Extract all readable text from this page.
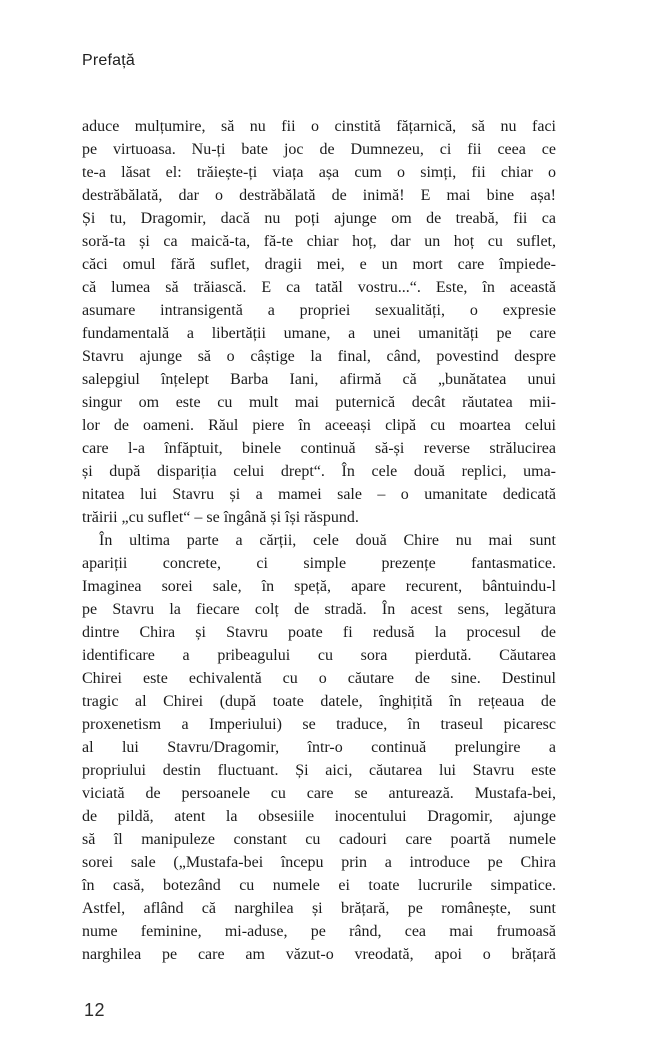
Prefață
aduce mulțumire, să nu fii o cinstită fățarnică, să nu faci
pe virtuoasa. Nu-ți bate joc de Dumnezeu, ci fii ceea ce
te-a lăsat el: trăiește-ți viața așa cum o simți, fii chiar o
destrăbălată, dar o destrăbălată de inimă! E mai bine așa!
Și tu, Dragomir, dacă nu poți ajunge om de treabă, fii ca
soră-ta și ca maică-ta, fă-te chiar hoț, dar un hoț cu suflet,
căci omul fără suflet, dragii mei, e un mort care împiede-
că lumea să trăiască. E ca tatăl vostru...“. Este, în această
asumare intransigentă a propriei sexualități, o expresie
fundamentală a libertății umane, a unei umanități pe care
Stavru ajunge să o câștige la final, când, povestind despre
salepgiul înțelept Barba Iani, afirmă că „bunătatea unui
singur om este cu mult mai puternică decât răutatea mii-
lor de oameni. Răul piere în aceeași clipă cu moartea celui
care l-a înfăptuit, binele continuă să-și reverse strălucirea
și după dispariția celui drept“. În cele două replici, uma-
nitatea lui Stavru și a mamei sale – o umanitate dedicată
trăirii „cu suflet“ – se îngână și își răspund.
În ultima parte a cărții, cele două Chire nu mai sunt
apariții concrete, ci simple prezențe fantasmatice.
Imaginea sorei sale, în speță, apare recurent, bântuindu-l
pe Stavru la fiecare colț de stradă. În acest sens, legătura
dintre Chira și Stavru poate fi redusă la procesul de
identificare a pribeagului cu sora pierdută. Căutarea
Chirei este echivalentă cu o căutare de sine. Destinul
tragic al Chirei (după toate datele, înghițită în rețeaua de
proxenetism a Imperiului) se traduce, în traseul picaresc
al lui Stavru/Dragomir, într-o continuă prelungire a
propriului destin fluctuant. Și aici, căutarea lui Stavru este
viciată de persoanele cu care se anturează. Mustafa-bei,
de pildă, atent la obsesiile inocentului Dragomir, ajunge
să îl manipuleze constant cu cadouri care poartă numele
sorei sale („Mustafa-bei începu prin a introduce pe Chira
în casă, botezând cu numele ei toate lucrurile simpatice.
Astfel, aflând că narghilea și brățară, pe românește, sunt
nume feminine, mi-aduse, pe rând, cea mai frumoasă
narghilea pe care am văzut-o vreodată, apoi o brățară
12
